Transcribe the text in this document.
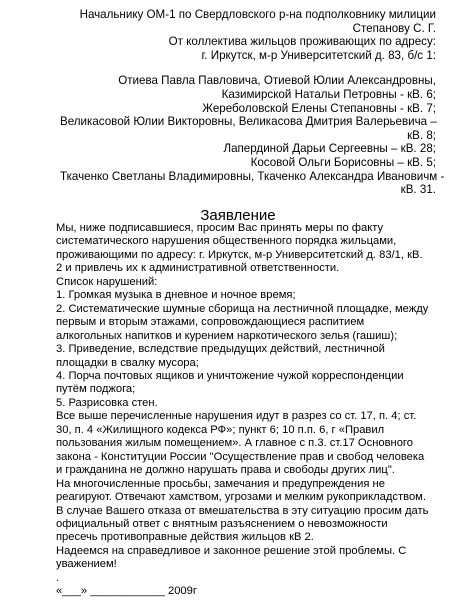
Начальнику ОМ-1 по Свердловского р-на подполковнику милиции
Степанову С. Г.
От коллектива жильцов проживающих по адресу:
г. Иркутск, м-р Университетский д. 83, б/с 1:
Отиева Павла Павловича, Отиевой Юлии Александровны,
Казимирской Натальи Петровны - кВ. 6;
Жереболовской Елены Степановны - кВ. 7;
Великасовой Юлии Викторовны, Великасова Дмитрия Валерьевича –
кВ. 8;
Лапердиной Дарьи Сергеевны – кВ. 28;
Косовой Ольги Борисовны – кВ. 5;
Ткаченко Светланы Владимировны, Ткаченко Александра Ивановичм -
кВ. 31.
Заявление
Мы, ниже подписавшиеся, просим Вас принять меры по факту
систематического нарушения общественного порядка жильцами,
проживающими по адресу: г. Иркутск, м-р Университетский д. 83/1, кВ.
2 и привлечь их к административной ответственности.
Список нарушений:
1. Громкая музыка в дневное и ночное время;
2. Систематические шумные сборища на лестничной площадке, между
первым и вторым этажами, сопровождающиеся распитием
алкогольных напитков и курением наркотического зелья (гашиш);
3. Приведение, вследствие предыдущих действий, лестничной
площадки в свалку мусора;
4. Порча почтовых ящиков и уничтожение чужой корреспонденции
путём поджога;
5. Разрисовка стен.
Все выше перечисленные нарушения идут в разрез со ст. 17, п. 4; ст.
30, п. 4 «Жилищного кодекса РФ»; пункт 6; 10 п.п. 6, г «Правил
пользования жилым помещением». А главное с п.3. ст.17 Основного
закона - Конституции России "Осуществление прав и свобод человека
и гражданина не должно нарушать права и свободы других лиц".
На многочисленные просьбы, замечания и предупреждения не
реагируют. Отвечают хамством, угрозами и мелким рукоприкладством.
В случае Вашего отказа от вмешательства в эту ситуацию просим дать
официальный ответ с внятным разъяснением о невозможности
пресечь противоправные действия жильцов кВ 2.
Надеемся на справедливое и законное решение этой проблемы. С
уважением!
.
«___» ____________ 2009г
